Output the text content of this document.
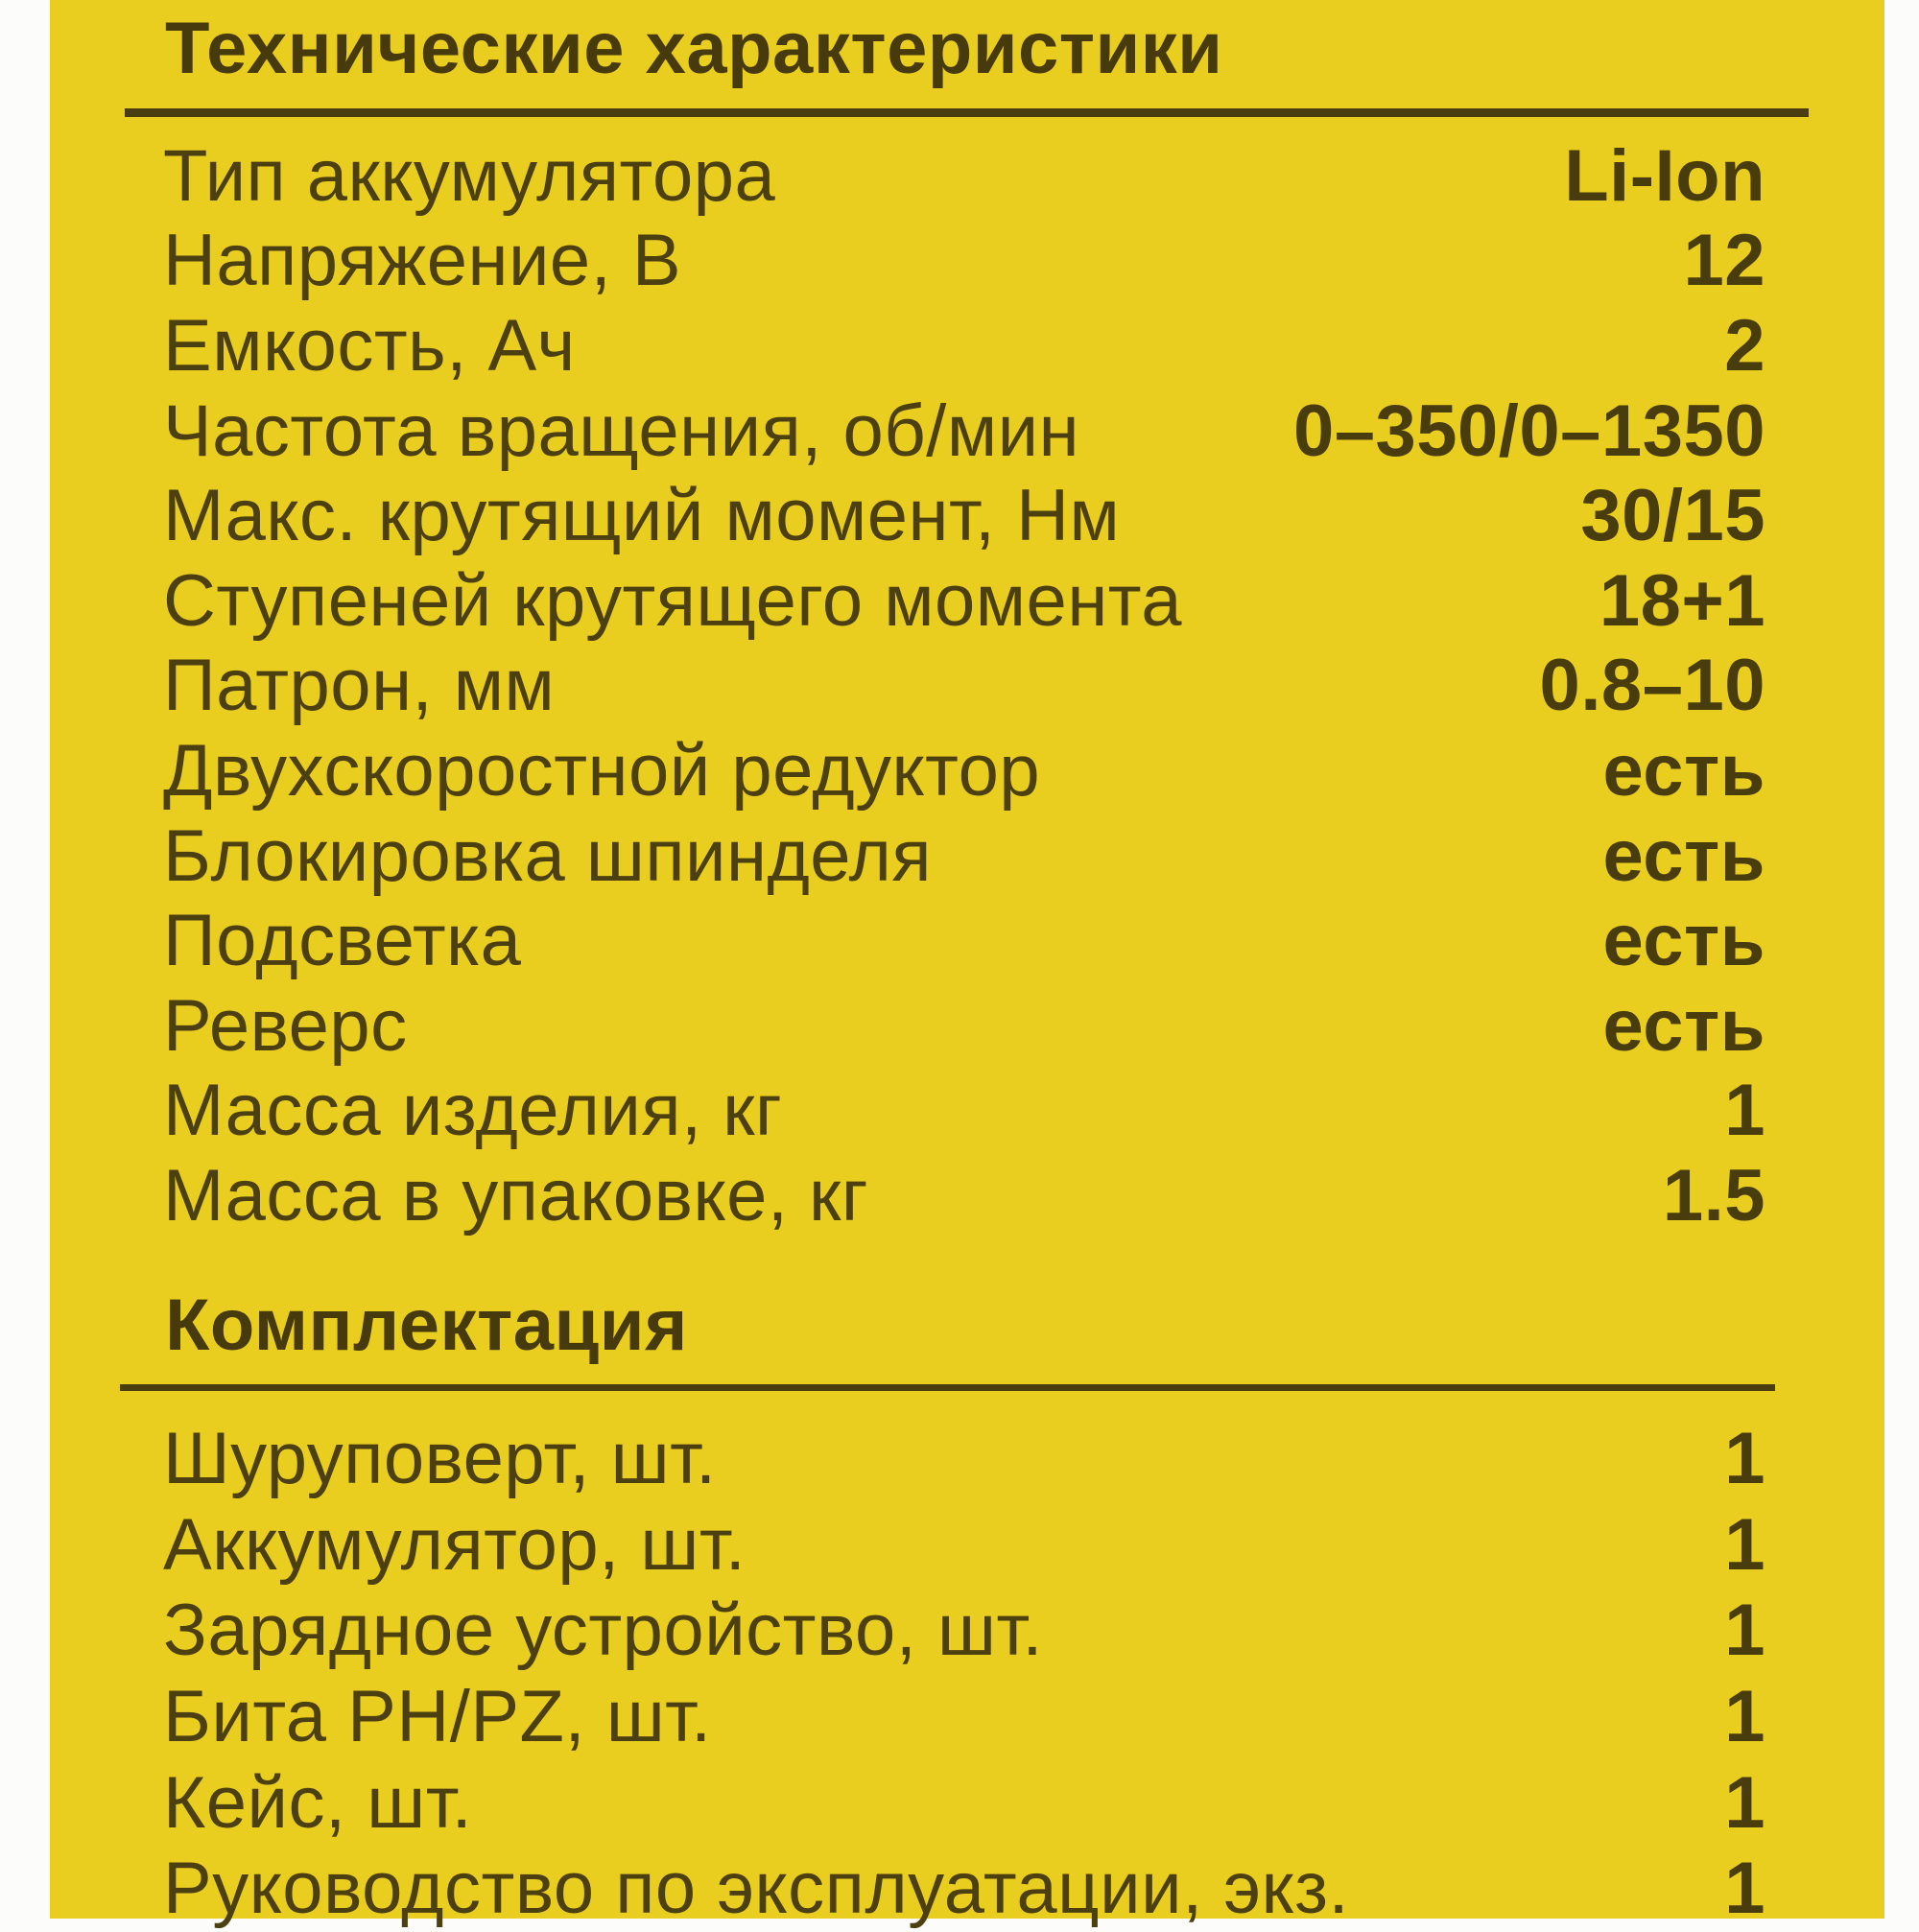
Технические характеристики
Тип аккумулятора	Li-Ion
Напряжение, В	12
Емкость, Ач	2
Частота вращения, об/мин	0–350/0–1350
Макс. крутящий момент, Нм	30/15
Ступеней крутящего момента	18+1
Патрон, мм	0.8–10
Двухскоростной редуктор	есть
Блокировка шпинделя	есть
Подсветка	есть
Реверс	есть
Масса изделия, кг	1
Масса в упаковке, кг	1.5
Комплектация
Шуруповерт, шт.	1
Аккумулятор, шт.	1
Зарядное устройство, шт.	1
Бита PH/PZ, шт.	1
Кейс, шт.	1
Руководство по эксплуатации, экз.	1
